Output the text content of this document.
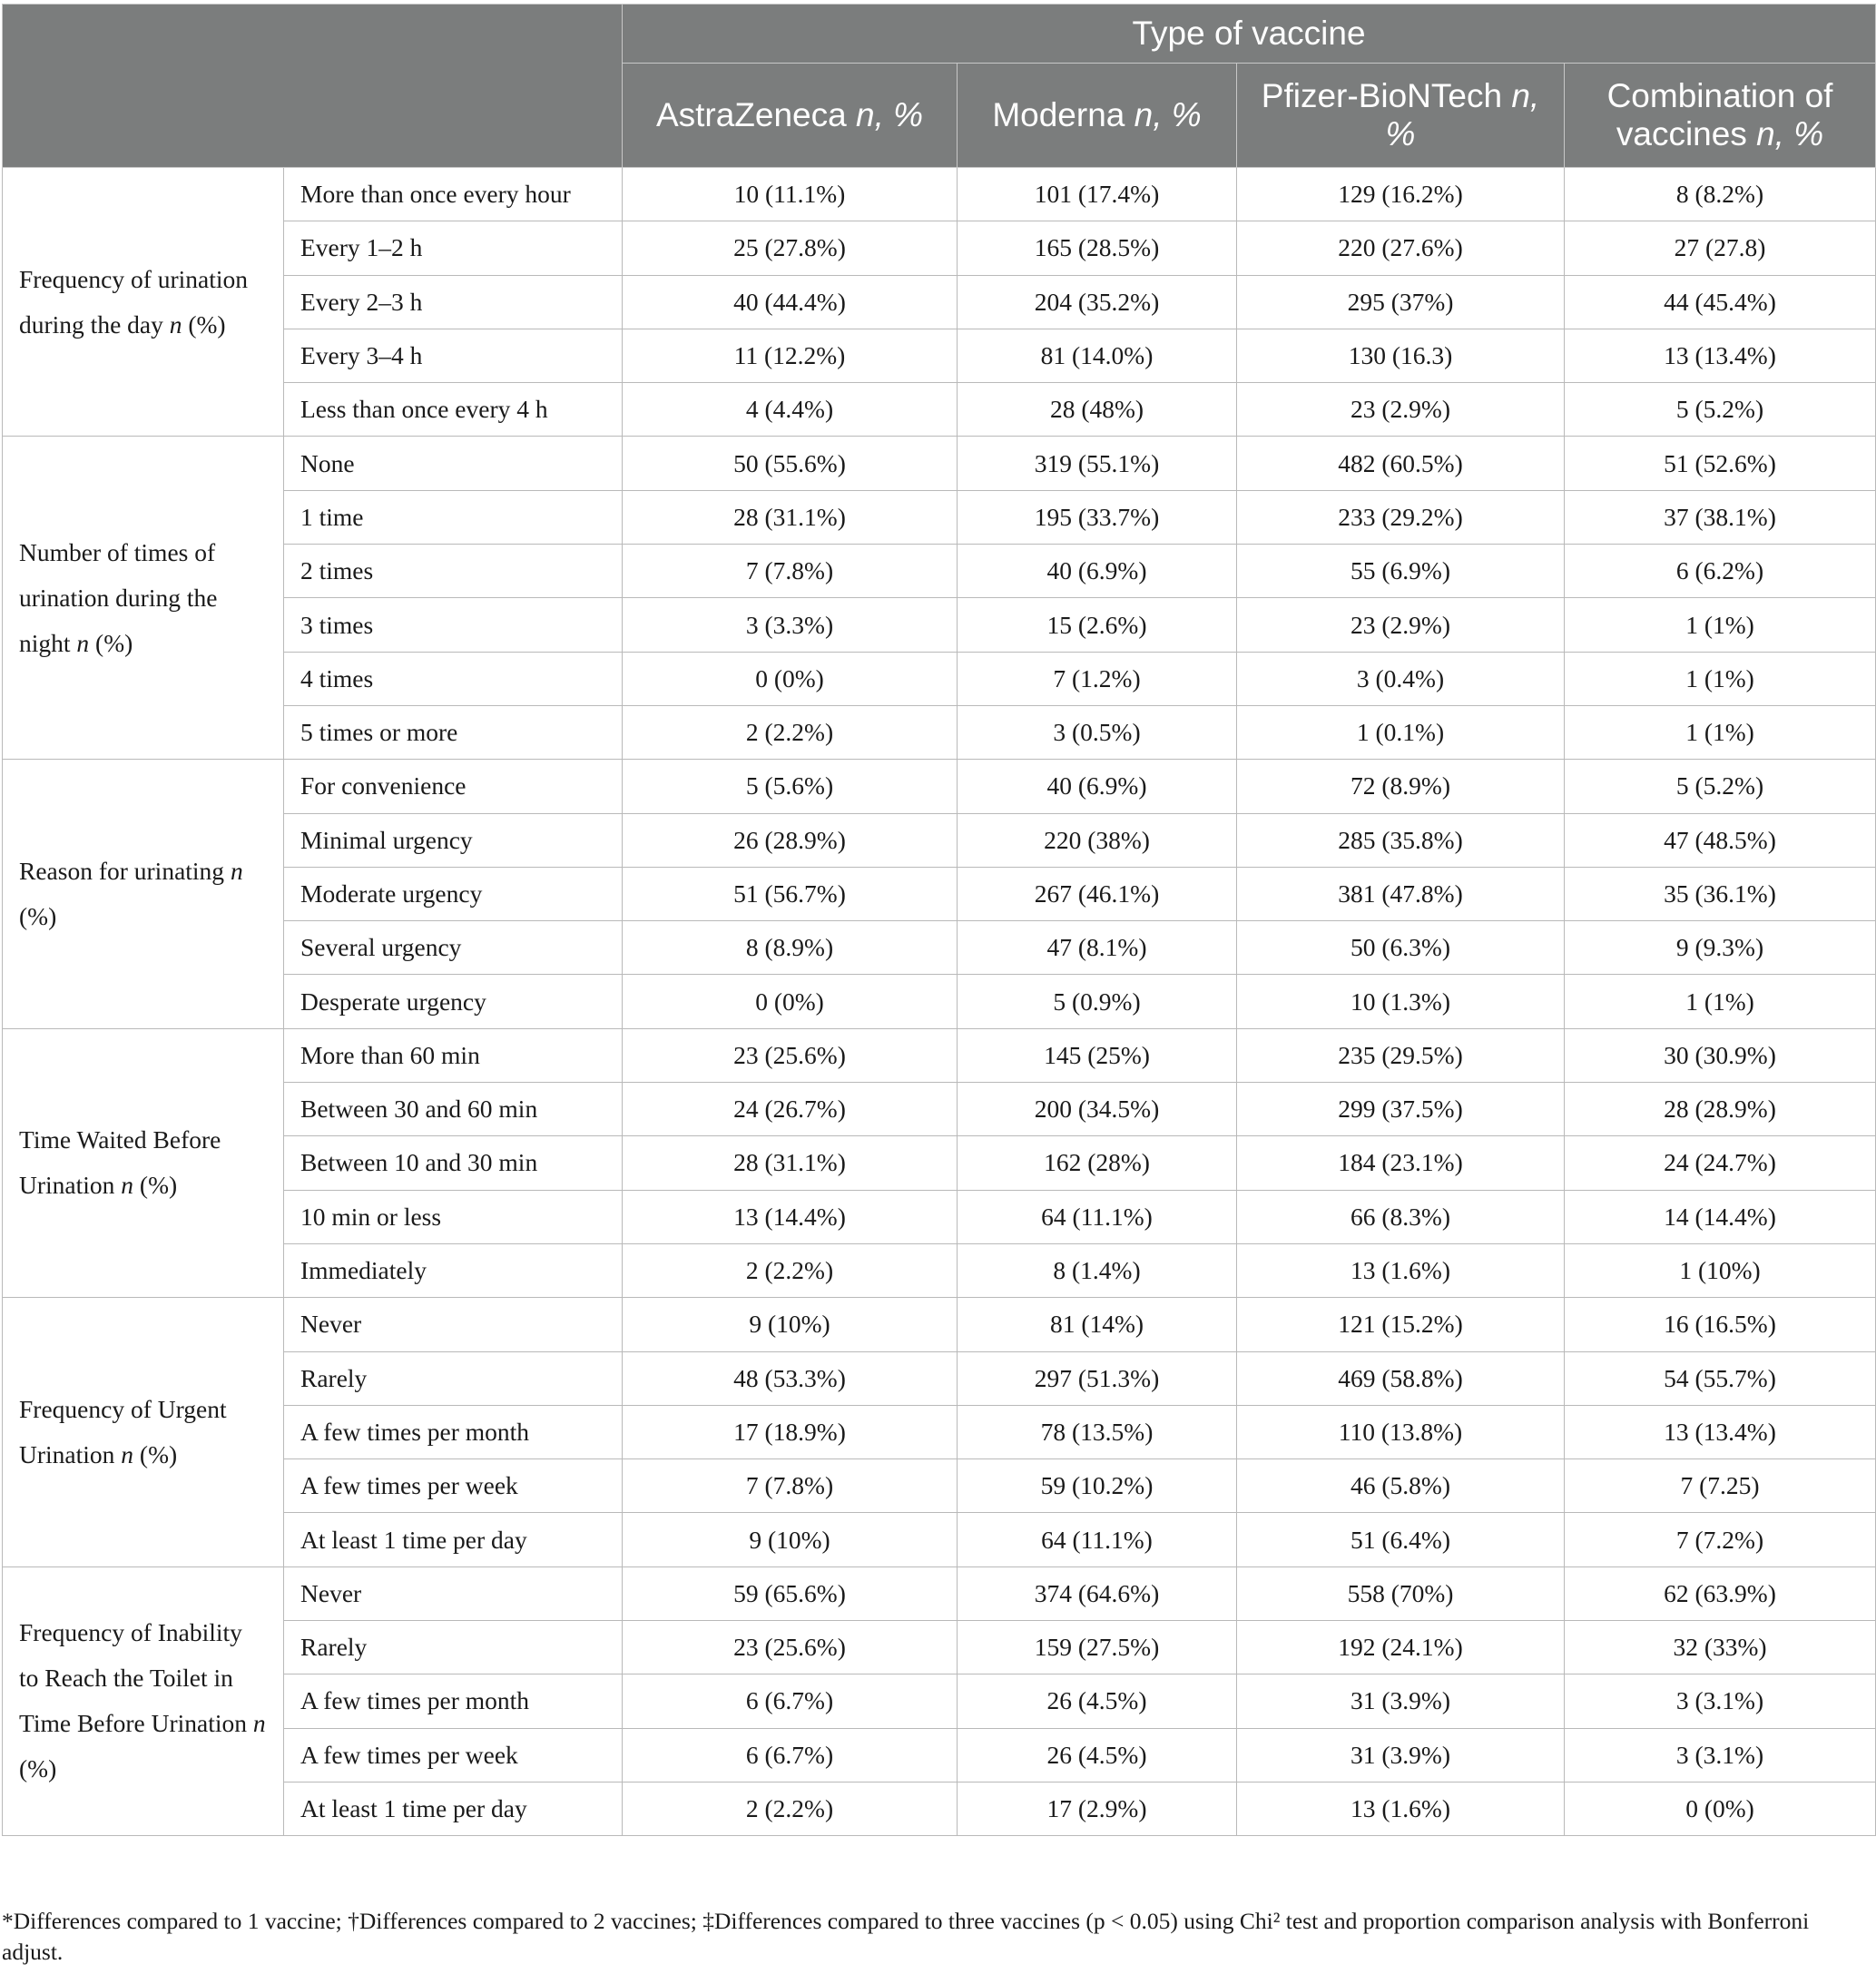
		Type of vaccine			
		AstraZeneca n, %	Moderna n, %	Pfizer-BioNTech n, %	Combination of vaccines n, %
Frequency of urination during the day n (%)	More than once every hour	10 (11.1%)	101 (17.4%)	129 (16.2%)	8 (8.2%)
	Every 1–2 h	25 (27.8%)	165 (28.5%)	220 (27.6%)	27 (27.8)
	Every 2–3 h	40 (44.4%)	204 (35.2%)	295 (37%)	44 (45.4%)
	Every 3–4 h	11 (12.2%)	81 (14.0%)	130 (16.3)	13 (13.4%)
	Less than once every 4 h	4 (4.4%)	28 (48%)	23 (2.9%)	5 (5.2%)
Number of times of urination during the night n (%)	None	50 (55.6%)	319 (55.1%)	482 (60.5%)	51 (52.6%)
	1 time	28 (31.1%)	195 (33.7%)	233 (29.2%)	37 (38.1%)
	2 times	7 (7.8%)	40 (6.9%)	55 (6.9%)	6 (6.2%)
	3 times	3 (3.3%)	15 (2.6%)	23 (2.9%)	1 (1%)
	4 times	0 (0%)	7 (1.2%)	3 (0.4%)	1 (1%)
	5 times or more	2 (2.2%)	3 (0.5%)	1 (0.1%)	1 (1%)
Reason for urinating n (%)	For convenience	5 (5.6%)	40 (6.9%)	72 (8.9%)	5 (5.2%)
	Minimal urgency	26 (28.9%)	220 (38%)	285 (35.8%)	47 (48.5%)
	Moderate urgency	51 (56.7%)	267 (46.1%)	381 (47.8%)	35 (36.1%)
	Several urgency	8 (8.9%)	47 (8.1%)	50 (6.3%)	9 (9.3%)
	Desperate urgency	0 (0%)	5 (0.9%)	10 (1.3%)	1 (1%)
Time Waited Before Urination n (%)	More than 60 min	23 (25.6%)	145 (25%)	235 (29.5%)	30 (30.9%)
	Between 30 and 60 min	24 (26.7%)	200 (34.5%)	299 (37.5%)	28 (28.9%)
	Between 10 and 30 min	28 (31.1%)	162 (28%)	184 (23.1%)	24 (24.7%)
	10 min or less	13 (14.4%)	64 (11.1%)	66 (8.3%)	14 (14.4%)
	Immediately	2 (2.2%)	8 (1.4%)	13 (1.6%)	1 (10%)
Frequency of Urgent Urination n (%)	Never	9 (10%)	81 (14%)	121 (15.2%)	16 (16.5%)
	Rarely	48 (53.3%)	297 (51.3%)	469 (58.8%)	54 (55.7%)
	A few times per month	17 (18.9%)	78 (13.5%)	110 (13.8%)	13 (13.4%)
	A few times per week	7 (7.8%)	59 (10.2%)	46 (5.8%)	7 (7.25)
	At least 1 time per day	9 (10%)	64 (11.1%)	51 (6.4%)	7 (7.2%)
Frequency of Inability to Reach the Toilet in Time Before Urination n (%)	Never	59 (65.6%)	374 (64.6%)	558 (70%)	62 (63.9%)
	Rarely	23 (25.6%)	159 (27.5%)	192 (24.1%)	32 (33%)
	A few times per month	6 (6.7%)	26 (4.5%)	31 (3.9%)	3 (3.1%)
	A few times per week	6 (6.7%)	26 (4.5%)	31 (3.9%)	3 (3.1%)
	At least 1 time per day	2 (2.2%)	17 (2.9%)	13 (1.6%)	0 (0%)
*Differences compared to 1 vaccine; †Differences compared to 2 vaccines; ‡Differences compared to three vaccines (p < 0.05) using Chi² test and proportion comparison analysis with Bonferroni adjust.
